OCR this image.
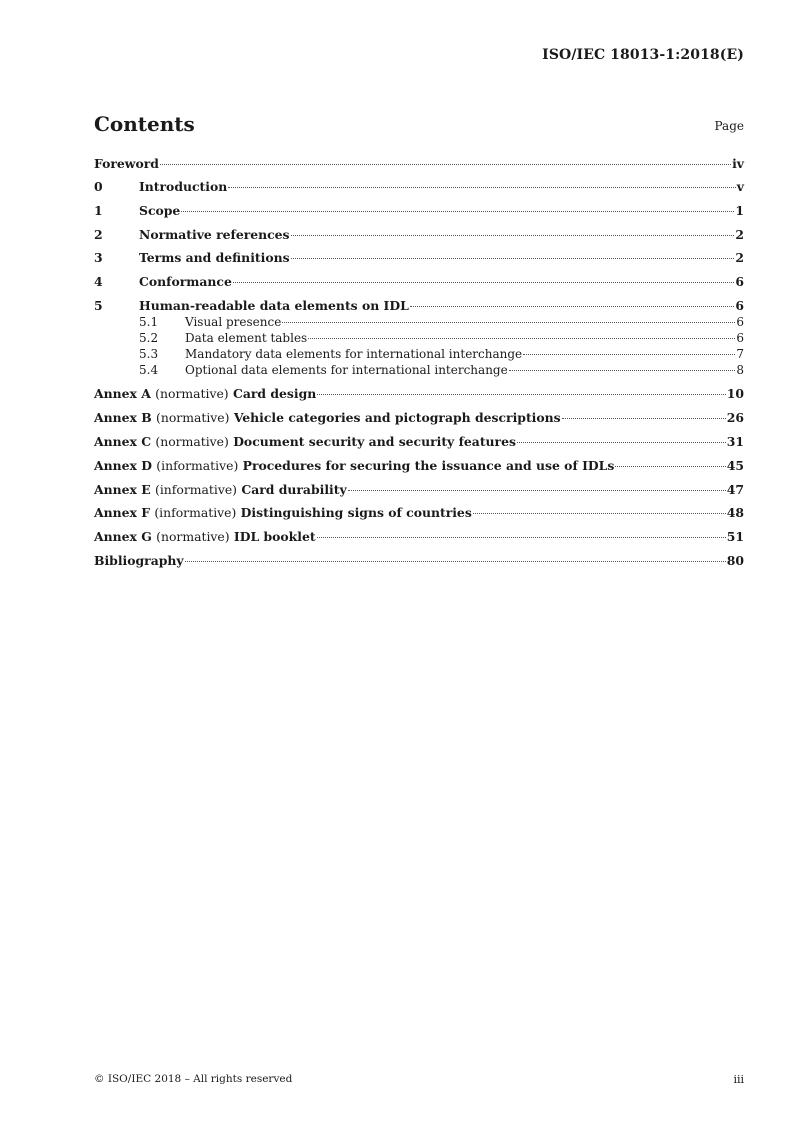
ISO/IEC 18013-1:2018(E)
Contents	Page
Foreword	iv
0	Introduction	v
1	Scope	1
2	Normative references	2
3	Terms and definitions	2
4	Conformance	6
5	Human-readable data elements on IDL	6
5.1	Visual presence	6
5.2	Data element tables	6
5.3	Mandatory data elements for international interchange	7
5.4	Optional data elements for international interchange	8
Annex A (normative) Card design	10
Annex B (normative) Vehicle categories and pictograph descriptions	26
Annex C (normative) Document security and security features	31
Annex D (informative) Procedures for securing the issuance and use of IDLs	45
Annex E (informative) Card durability	47
Annex F (informative) Distinguishing signs of countries	48
Annex G (normative) IDL booklet	51
Bibliography	80
© ISO/IEC 2018 – All rights reserved	iii
